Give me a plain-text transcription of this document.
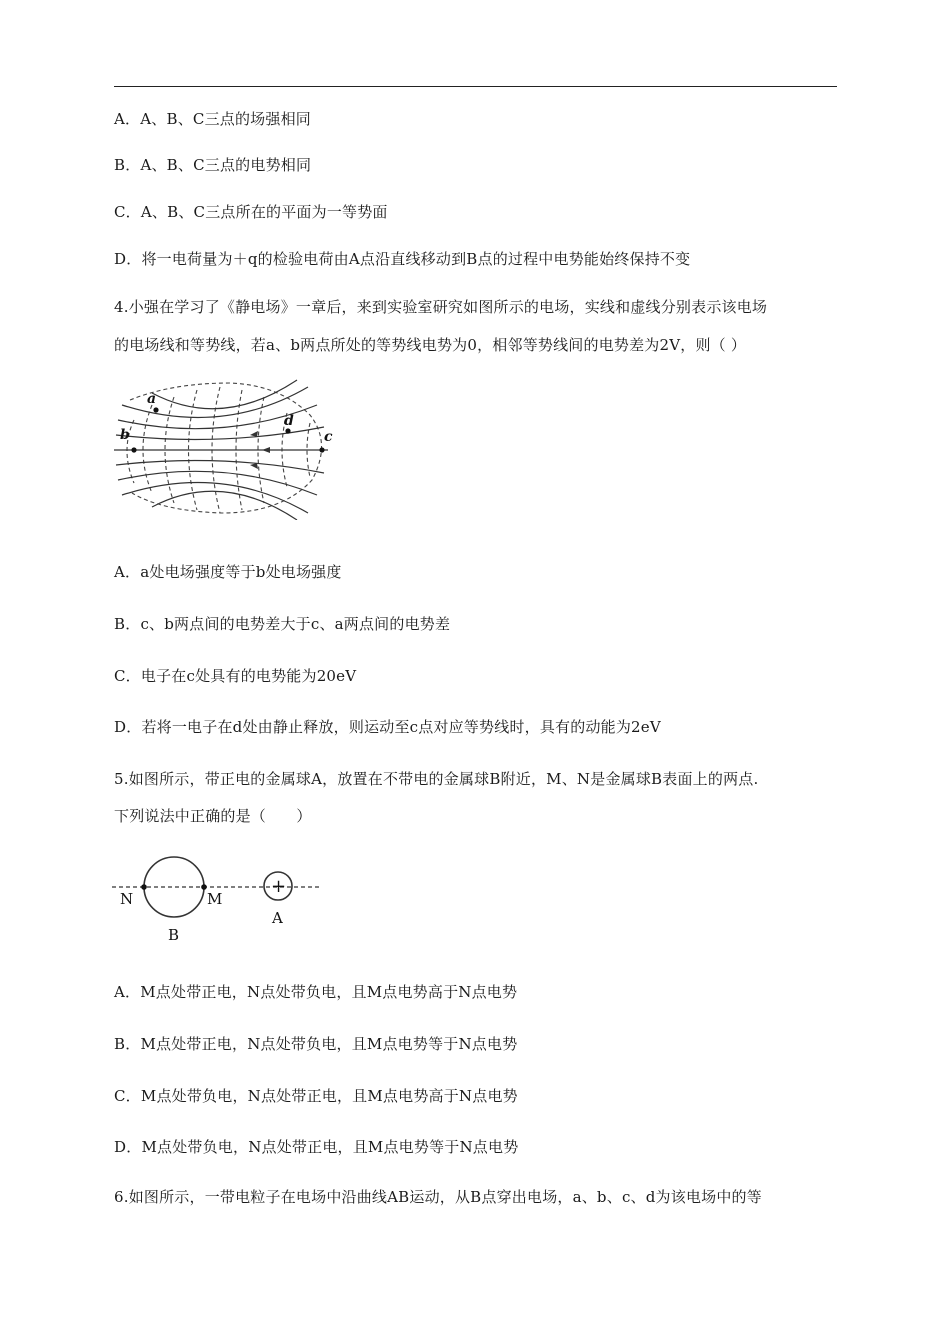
A．A、B、C三点的场强相同
B．A、B、C三点的电势相同
C．A、B、C三点所在的平面为一等势面
D．将一电荷量为＋q的检验电荷由A点沿直线移动到B点的过程中电势能始终保持不变
4.小强在学习了《静电场》一章后，来到实验室研究如图所示的电场，实线和虚线分别表示该电场
的电场线和等势线，若a、b两点所处的等势线电势为0，相邻等势线间的电势差为2V，则（ ）
a
b
d
c
A．a处电场强度等于b处电场强度
B．c、b两点间的电势差大于c、a两点间的电势差
C．电子在c处具有的电势能为20eV
D．若将一电子在d处由静止释放，则运动至c点对应等势线时，具有的动能为2eV
5.如图所示，带正电的金属球A，放置在不带电的金属球B附近，M、N是金属球B表面上的两点.
下列说法中正确的是（　　）
+
N	M
B
A
A．M点处带正电，N点处带负电，且M点电势高于N点电势
B．M点处带正电，N点处带负电，且M点电势等于N点电势
C．M点处带负电，N点处带正电，且M点电势高于N点电势
D．M点处带负电，N点处带正电，且M点电势等于N点电势
6.如图所示，一带电粒子在电场中沿曲线AB运动，从B点穿出电场，a、b、c、d为该电场中的等
